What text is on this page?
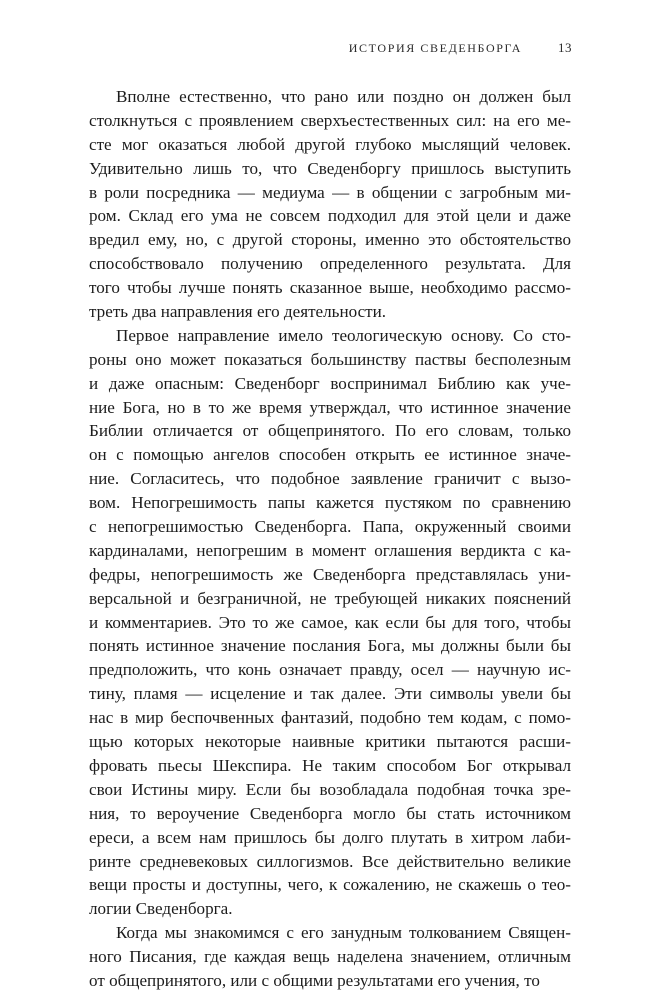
ИСТОРИЯ СВЕДЕНБОРГА	13

Вполне естественно, что рано или поздно он должен был
столкнуться с проявлением сверхъестественных сил: на его ме-
сте мог оказаться любой другой глубоко мыслящий человек.
Удивительно лишь то, что Сведенборгу пришлось выступить
в роли посредника — медиума — в общении с загробным ми-
ром. Склад его ума не совсем подходил для этой цели и даже
вредил ему, но, с другой стороны, именно это обстоятельство
способствовало получению определенного результата. Для
того чтобы лучше понять сказанное выше, необходимо рассмо-
треть два направления его деятельности.

Первое направление имело теологическую основу. Со сто-
роны оно может показаться большинству паствы бесполезным
и даже опасным: Сведенборг воспринимал Библию как уче-
ние Бога, но в то же время утверждал, что истинное значение
Библии отличается от общепринятого. По его словам, только
он с помощью ангелов способен открыть ее истинное значе-
ние. Согласитесь, что подобное заявление граничит с вызо-
вом. Непогрешимость папы кажется пустяком по сравнению
с непогрешимостью Сведенборга. Папа, окруженный своими
кардиналами, непогрешим в момент оглашения вердикта с ка-
федры, непогрешимость же Сведенборга представлялась уни-
версальной и безграничной, не требующей никаких пояснений
и комментариев. Это то же самое, как если бы для того, чтобы
понять истинное значение послания Бога, мы должны были бы
предположить, что конь означает правду, осел — научную ис-
тину, пламя — исцеление и так далее. Эти символы увели бы
нас в мир беспочвенных фантазий, подобно тем кодам, с помо-
щью которых некоторые наивные критики пытаются расши-
фровать пьесы Шекспира. Не таким способом Бог открывал
свои Истины миру. Если бы возобладала подобная точка зре-
ния, то вероучение Сведенборга могло бы стать источником
ереси, а всем нам пришлось бы долго плутать в хитром лаби-
ринте средневековых силлогизмов. Все действительно великие
вещи просты и доступны, чего, к сожалению, не скажешь о тео-
логии Сведенборга.

Когда мы знакомимся с его занудным толкованием Священ-
ного Писания, где каждая вещь наделена значением, отличным
от общепринятого, или с общими результатами его учения, то
